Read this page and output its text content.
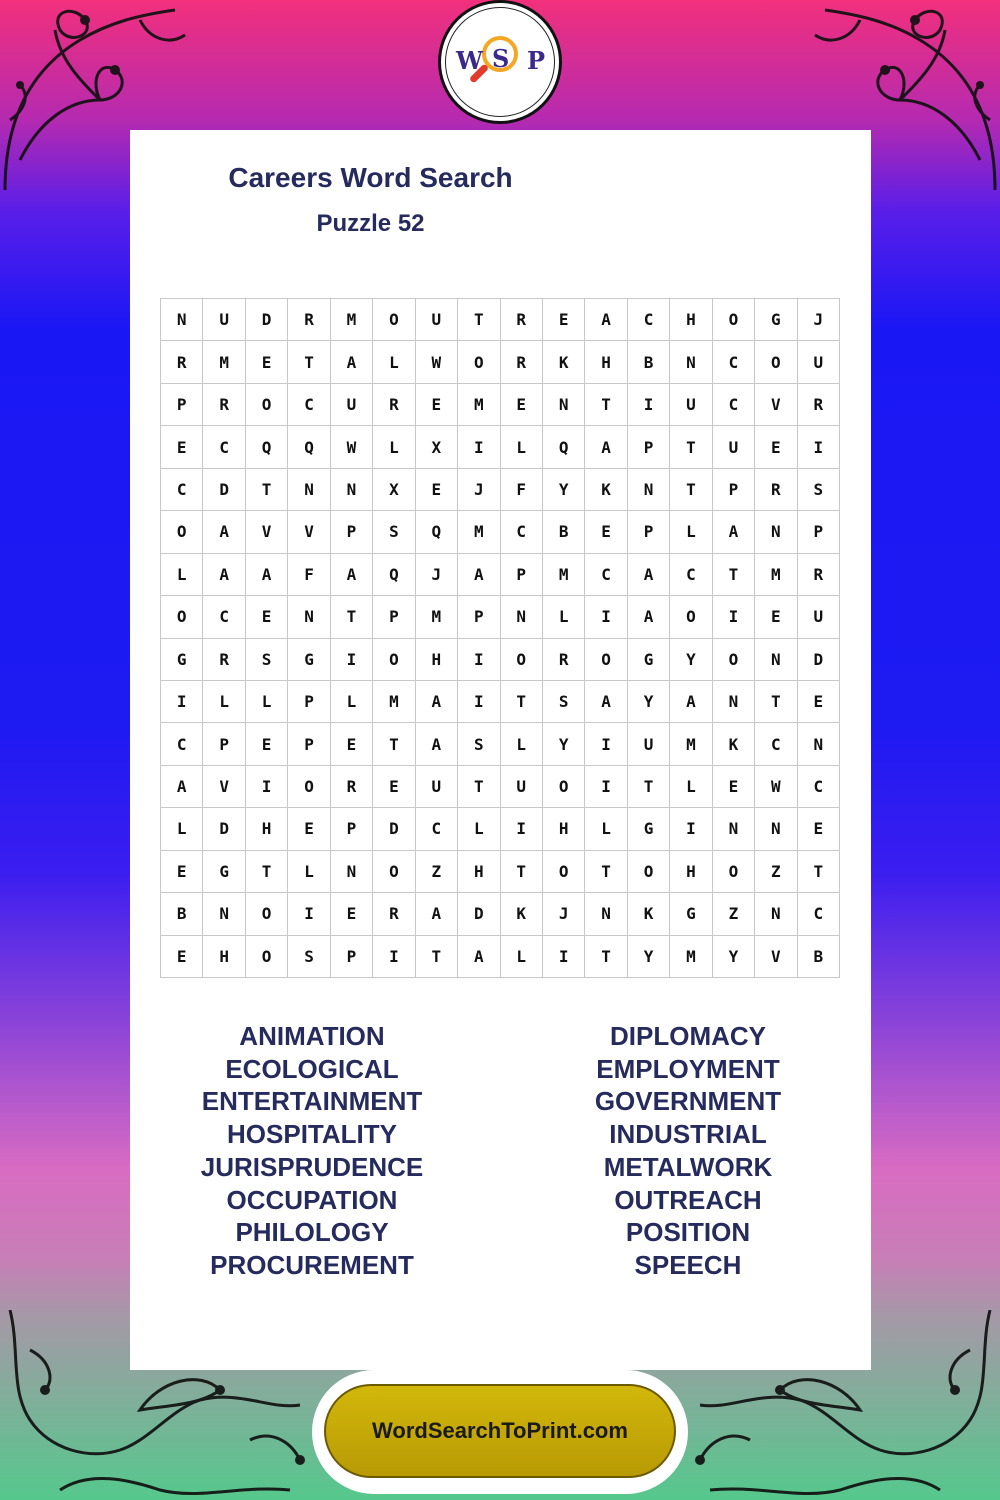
W S P
Careers Word Search
Puzzle 52
N	U	D	R	M	O	U	T	R	E	A	C	H	O	G	J
R	M	E	T	A	L	W	O	R	K	H	B	N	C	O	U
P	R	O	C	U	R	E	M	E	N	T	I	U	C	V	R
E	C	Q	Q	W	L	X	I	L	Q	A	P	T	U	E	I
C	D	T	N	N	X	E	J	F	Y	K	N	T	P	R	S
O	A	V	V	P	S	Q	M	C	B	E	P	L	A	N	P
L	A	A	F	A	Q	J	A	P	M	C	A	C	T	M	R
O	C	E	N	T	P	M	P	N	L	I	A	O	I	E	U
G	R	S	G	I	O	H	I	O	R	O	G	Y	O	N	D
I	L	L	P	L	M	A	I	T	S	A	Y	A	N	T	E
C	P	E	P	E	T	A	S	L	Y	I	U	M	K	C	N
A	V	I	O	R	E	U	T	U	O	I	T	L	E	W	C
L	D	H	E	P	D	C	L	I	H	L	G	I	N	N	E
E	G	T	L	N	O	Z	H	T	O	T	O	H	O	Z	T
B	N	O	I	E	R	A	D	K	J	N	K	G	Z	N	C
E	H	O	S	P	I	T	A	L	I	T	Y	M	Y	V	B
ANIMATION
ECOLOGICAL
ENTERTAINMENT
HOSPITALITY
JURISPRUDENCE
OCCUPATION
PHILOLOGY
PROCUREMENT
DIPLOMACY
EMPLOYMENT
GOVERNMENT
INDUSTRIAL
METALWORK
OUTREACH
POSITION
SPEECH
WordSearchToPrint.com
